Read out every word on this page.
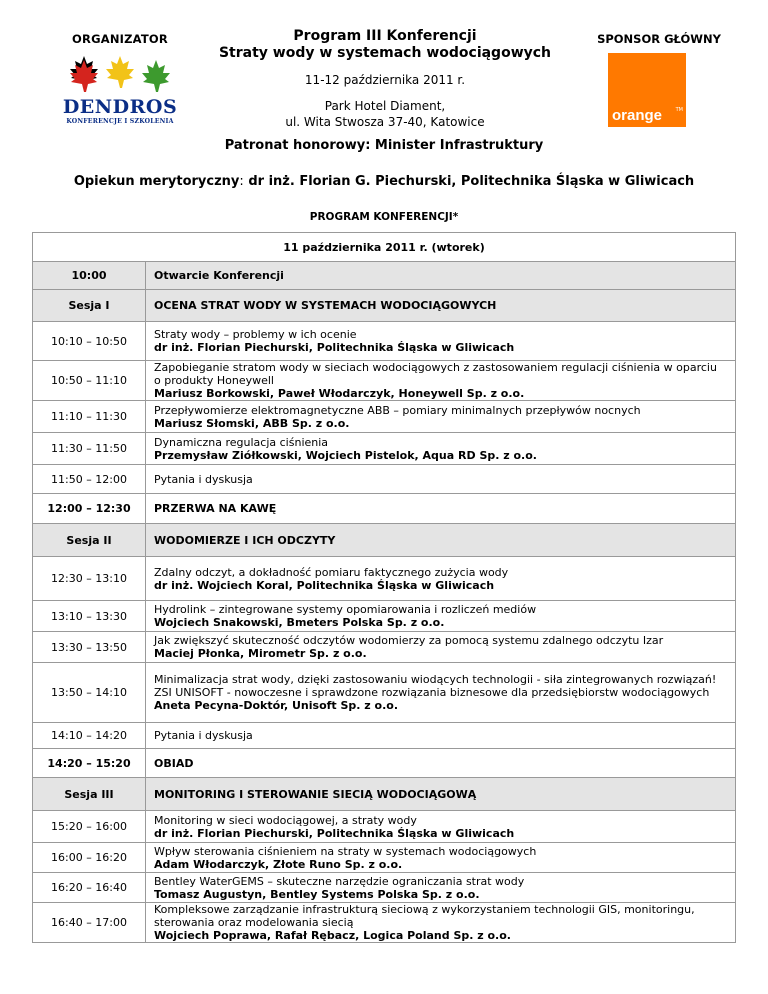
ORGANIZATOR
DENDROS
KONFERENCJE I SZKOLENIA
Program III Konferencji
Straty wody w systemach wodociągowych
11-12 października 2011 r.
Park Hotel Diament,
ul. Wita Stwosza 37-40, Katowice
SPONSOR GŁÓWNY
TM
orange
Patronat honorowy: Minister Infrastruktury
Opiekun merytoryczny: dr inż. Florian G. Piechurski, Politechnika Śląska w Gliwicach
PROGRAM KONFERENCJI*
11 października 2011 r. (wtorek)	
10:00	Otwarcie Konferencji
Sesja I	OCENA STRAT WODY W SYSTEMACH WODOCIĄGOWYCH
10:10 – 10:50	Straty wody – problemy w ich ocenie
dr inż. Florian Piechurski, Politechnika Śląska w Gliwicach

10:50 – 11:10	Zapobieganie stratom wody w sieciach wodociągowych z zastosowaniem regulacji ciśnienia w oparciu o produkty Honeywell
Mariusz Borkowski, Paweł Włodarczyk, Honeywell Sp. z o.o.

11:10 – 11:30	Przepływomierze elektromagnetyczne ABB – pomiary minimalnych przepływów nocnych
Mariusz Słomski, ABB Sp. z o.o.

11:30 – 11:50	Dynamiczna regulacja ciśnienia
Przemysław Ziółkowski, Wojciech Pistelok, Aqua RD Sp. z o.o.

11:50 – 12:00	Pytania i dyskusja

12:00 – 12:30	PRZERWA NA KAWĘ
Sesja II	WODOMIERZE I ICH ODCZYTY
12:30 – 13:10	Zdalny odczyt, a dokładność pomiaru faktycznego zużycia wody
dr inż. Wojciech Koral, Politechnika Śląska w Gliwicach

13:10 – 13:30	Hydrolink – zintegrowane systemy opomiarowania i rozliczeń mediów
Wojciech Snakowski, Bmeters Polska Sp. z o.o.

13:30 – 13:50	Jak zwiększyć skuteczność odczytów wodomierzy za pomocą systemu zdalnego odczytu Izar
Maciej Płonka, Mirometr Sp. z o.o.

13:50 – 14:10	Minimalizacja strat wody, dzięki zastosowaniu wiodących technologii - siła zintegrowanych rozwiązań!
ZSI UNISOFT - nowoczesne i sprawdzone rozwiązania biznesowe dla przedsiębiorstw wodociągowych
Aneta Pecyna-Doktór, Unisoft Sp. z o.o.

14:10 – 14:20	Pytania i dyskusja

14:20 – 15:20	OBIAD
Sesja III	MONITORING I STEROWANIE SIECIĄ WODOCIĄGOWĄ
15:20 – 16:00	Monitoring w sieci wodociągowej, a straty wody
dr inż. Florian Piechurski, Politechnika Śląska w Gliwicach

16:00 – 16:20	Wpływ sterowania ciśnieniem na straty w systemach wodociągowych
Adam Włodarczyk, Złote Runo Sp. z o.o.

16:20 – 16:40	Bentley WaterGEMS – skuteczne narzędzie ograniczania strat wody
Tomasz Augustyn, Bentley Systems Polska Sp. z o.o.

16:40 – 17:00	Kompleksowe zarządzanie infrastrukturą sieciową z wykorzystaniem technologii GIS, monitoringu, sterowania oraz modelowania siecią
Wojciech Poprawa, Rafał Rębacz, Logica Poland Sp. z o.o.
